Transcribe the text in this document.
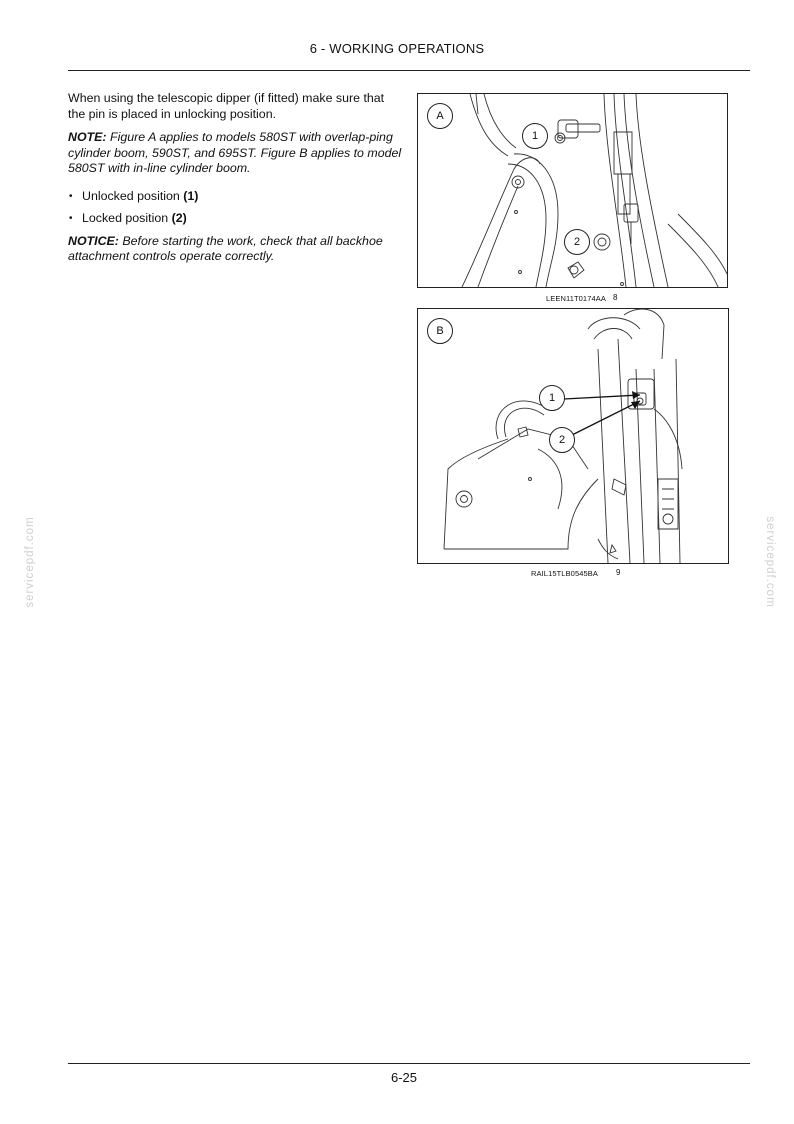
6 - WORKING OPERATIONS

When using the telescopic dipper (if fitted) make sure that the pin is placed in unlocking position.

NOTE: Figure A applies to models 580ST with overlap-ping cylinder boom, 590ST, and 695ST. Figure B applies to model 580ST with in-line cylinder boom.

• Unlocked position (1)
• Locked position (2)

NOTICE: Before starting the work, check that all backhoe attachment controls operate correctly.

A
1
2
LEEN11T0174AA 8
B
1
2
RAIL15TLB0545BA 9
servicepdf.com	servicepdf.com
6-25
